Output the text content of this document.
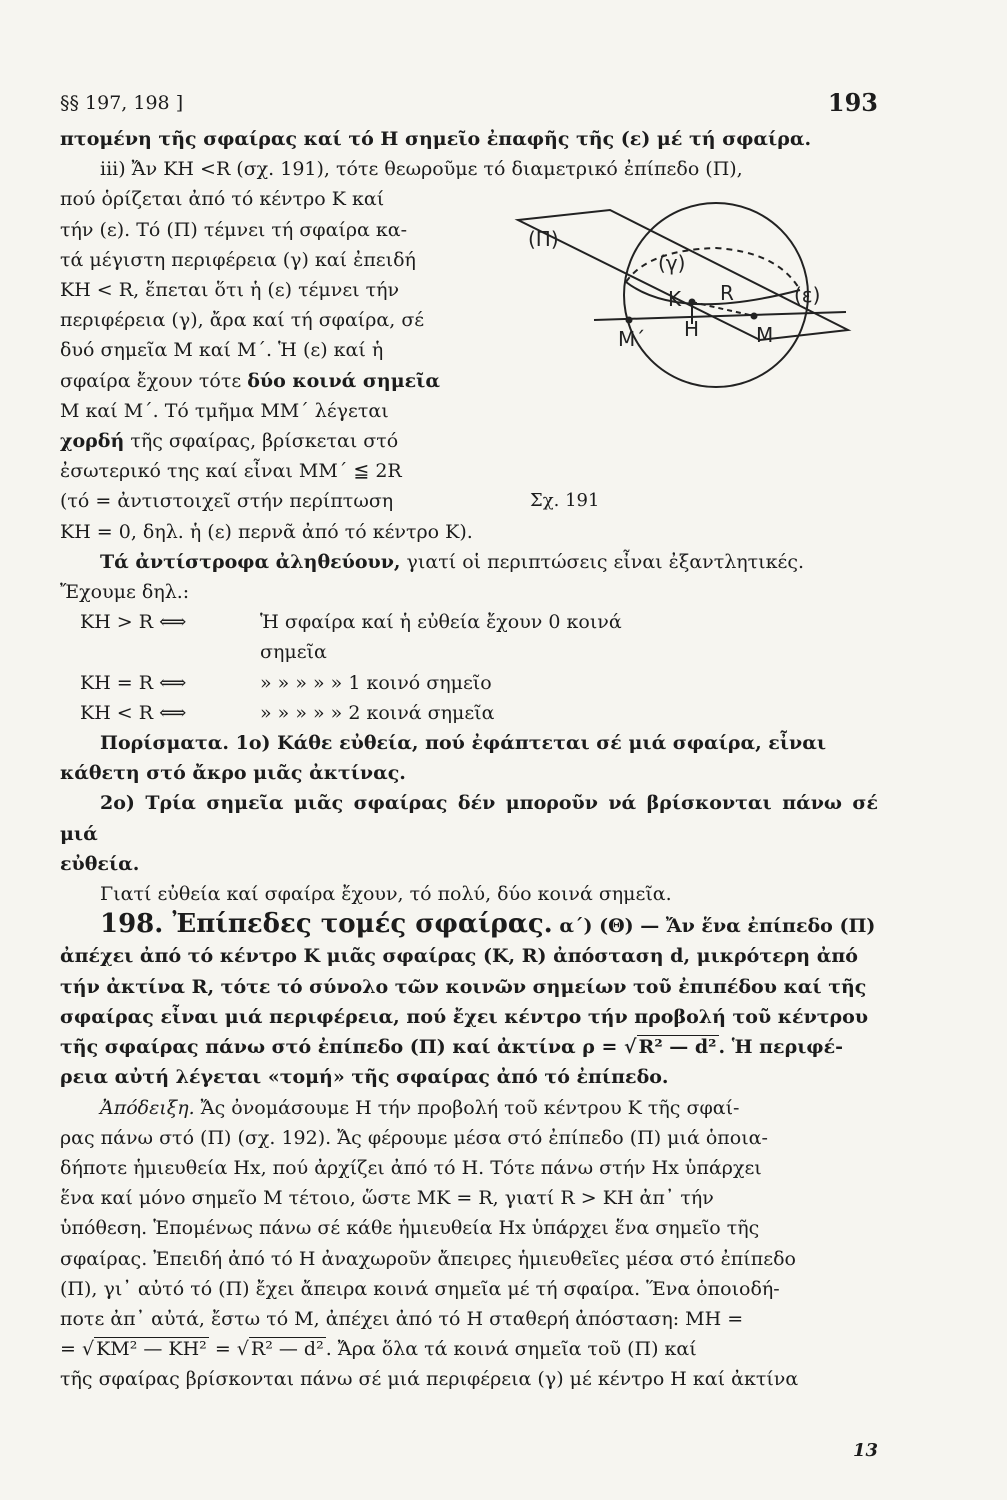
§§ 197, 198 ]	193

πτομένη τῆς σφαίρας καί τό Η σημεῖο ἐπαφῆς τῆς (ε) μέ τή σφαίρα.

iii) Ἄν ΚΗ <R (σχ. 191), τότε θεωροῦμε τό διαμετρικό ἐπίπεδο (Π),

πού ὁρίζεται ἀπό τό κέντρο Κ καί

τήν (ε). Τό (Π) τέμνει τή σφαίρα κα-

τά μέγιστη περιφέρεια (γ) καί ἐπειδή

ΚΗ < R, ἕπεται ὅτι ἡ (ε) τέμνει τήν

περιφέρεια (γ), ἄρα καί τή σφαίρα, σέ

δυό σημεῖα Μ καί Μ΄. Ἡ (ε) καί ἡ

σφαίρα ἔχουν τότε δύο κοινά σημεῖα

Μ καί Μ΄. Τό τμῆμα ΜΜ΄ λέγεται

χορδή τῆς σφαίρας, βρίσκεται στό

ἐσωτερικό της καί εἶναι ΜΜ΄ ≦ 2R

(τό = ἀντιστοιχεῖ στήν περίπτωση

(Π)
(γ)
(ε)
Κ R
Η	Μ
Μ΄
Σχ. 191

ΚΗ = 0, δηλ. ἡ (ε) περνᾶ ἀπό τό κέντρο Κ).

Τά ἀντίστροφα ἀληθεύουν, γιατί οἱ περιπτώσεις εἶναι ἐξαντλητικές.

Ἔχουμε δηλ.:

ΚΗ > R ⟺	Ἡ σφαίρα καί ἡ εὐθεία ἔχουν 0 κοινά σημεῖα
ΚΗ = R ⟺	» » » » » 1 κοινό σημεῖο
ΚΗ < R ⟺	» » » » » 2 κοινά σημεῖα

Πορίσματα. 1ο) Κάθε εὐθεία, πού ἐφάπτεται σέ μιά σφαίρα, εἶναι

κάθετη στό ἄκρο μιᾶς ἀκτίνας.

2ο) Τρία σημεῖα μιᾶς σφαίρας δέν μποροῦν νά βρίσκονται πάνω σέ μιά

εὐθεία.

Γιατί εὐθεία καί σφαίρα ἔχουν, τό πολύ, δύο κοινά σημεῖα.

198. Ἐπίπεδες τομές σφαίρας. α΄) (Θ) — Ἄν ἕνα ἐπίπεδο (Π)

ἀπέχει ἀπό τό κέντρο Κ μιᾶς σφαίρας (Κ, R) ἀπόσταση d, μικρότερη ἀπό

τήν ἀκτίνα R, τότε τό σύνολο τῶν κοινῶν σημείων τοῦ ἐπιπέδου καί τῆς

σφαίρας εἶναι μιά περιφέρεια, πού ἔχει κέντρο τήν προβολή τοῦ κέντρου

τῆς σφαίρας πάνω στό ἐπίπεδο (Π) καί ἀκτίνα ρ = √ R² — d² . Ἡ περιφέ-

ρεια αὐτή λέγεται «τομή» τῆς σφαίρας ἀπό τό ἐπίπεδο.

Ἀπόδειξη. Ἄς ὀνομάσουμε Η τήν προβολή τοῦ κέντρου Κ τῆς σφαί-

ρας πάνω στό (Π) (σχ. 192). Ἄς φέρουμε μέσα στό ἐπίπεδο (Π) μιά ὁποια-

δήποτε ἡμιευθεία Ηx, πού ἀρχίζει ἀπό τό Η. Τότε πάνω στήν Ηx ὑπάρχει

ἕνα καί μόνο σημεῖο Μ τέτοιο, ὥστε ΜΚ = R, γιατί R > ΚΗ ἀπ᾽ τήν

ὑπόθεση. Ἑπομένως πάνω σέ κάθε ἡμιευθεία Ηx ὑπάρχει ἕνα σημεῖο τῆς

σφαίρας. Ἐπειδή ἀπό τό Η ἀναχωροῦν ἄπειρες ἡμιευθεῖες μέσα στό ἐπίπεδο

(Π), γι᾽ αὐτό τό (Π) ἔχει ἄπειρα κοινά σημεῖα μέ τή σφαίρα. Ἕνα ὁποιοδή-

ποτε ἀπ᾽ αὐτά, ἔστω τό Μ, ἀπέχει ἀπό τό Η σταθερή ἀπόσταση: ΜΗ =

= √ ΚΜ² — ΚΗ² = √ R² — d² . Ἄρα ὅλα τά κοινά σημεῖα τοῦ (Π) καί

τῆς σφαίρας βρίσκονται πάνω σέ μιά περιφέρεια (γ) μέ κέντρο Η καί ἀκτίνα

13
